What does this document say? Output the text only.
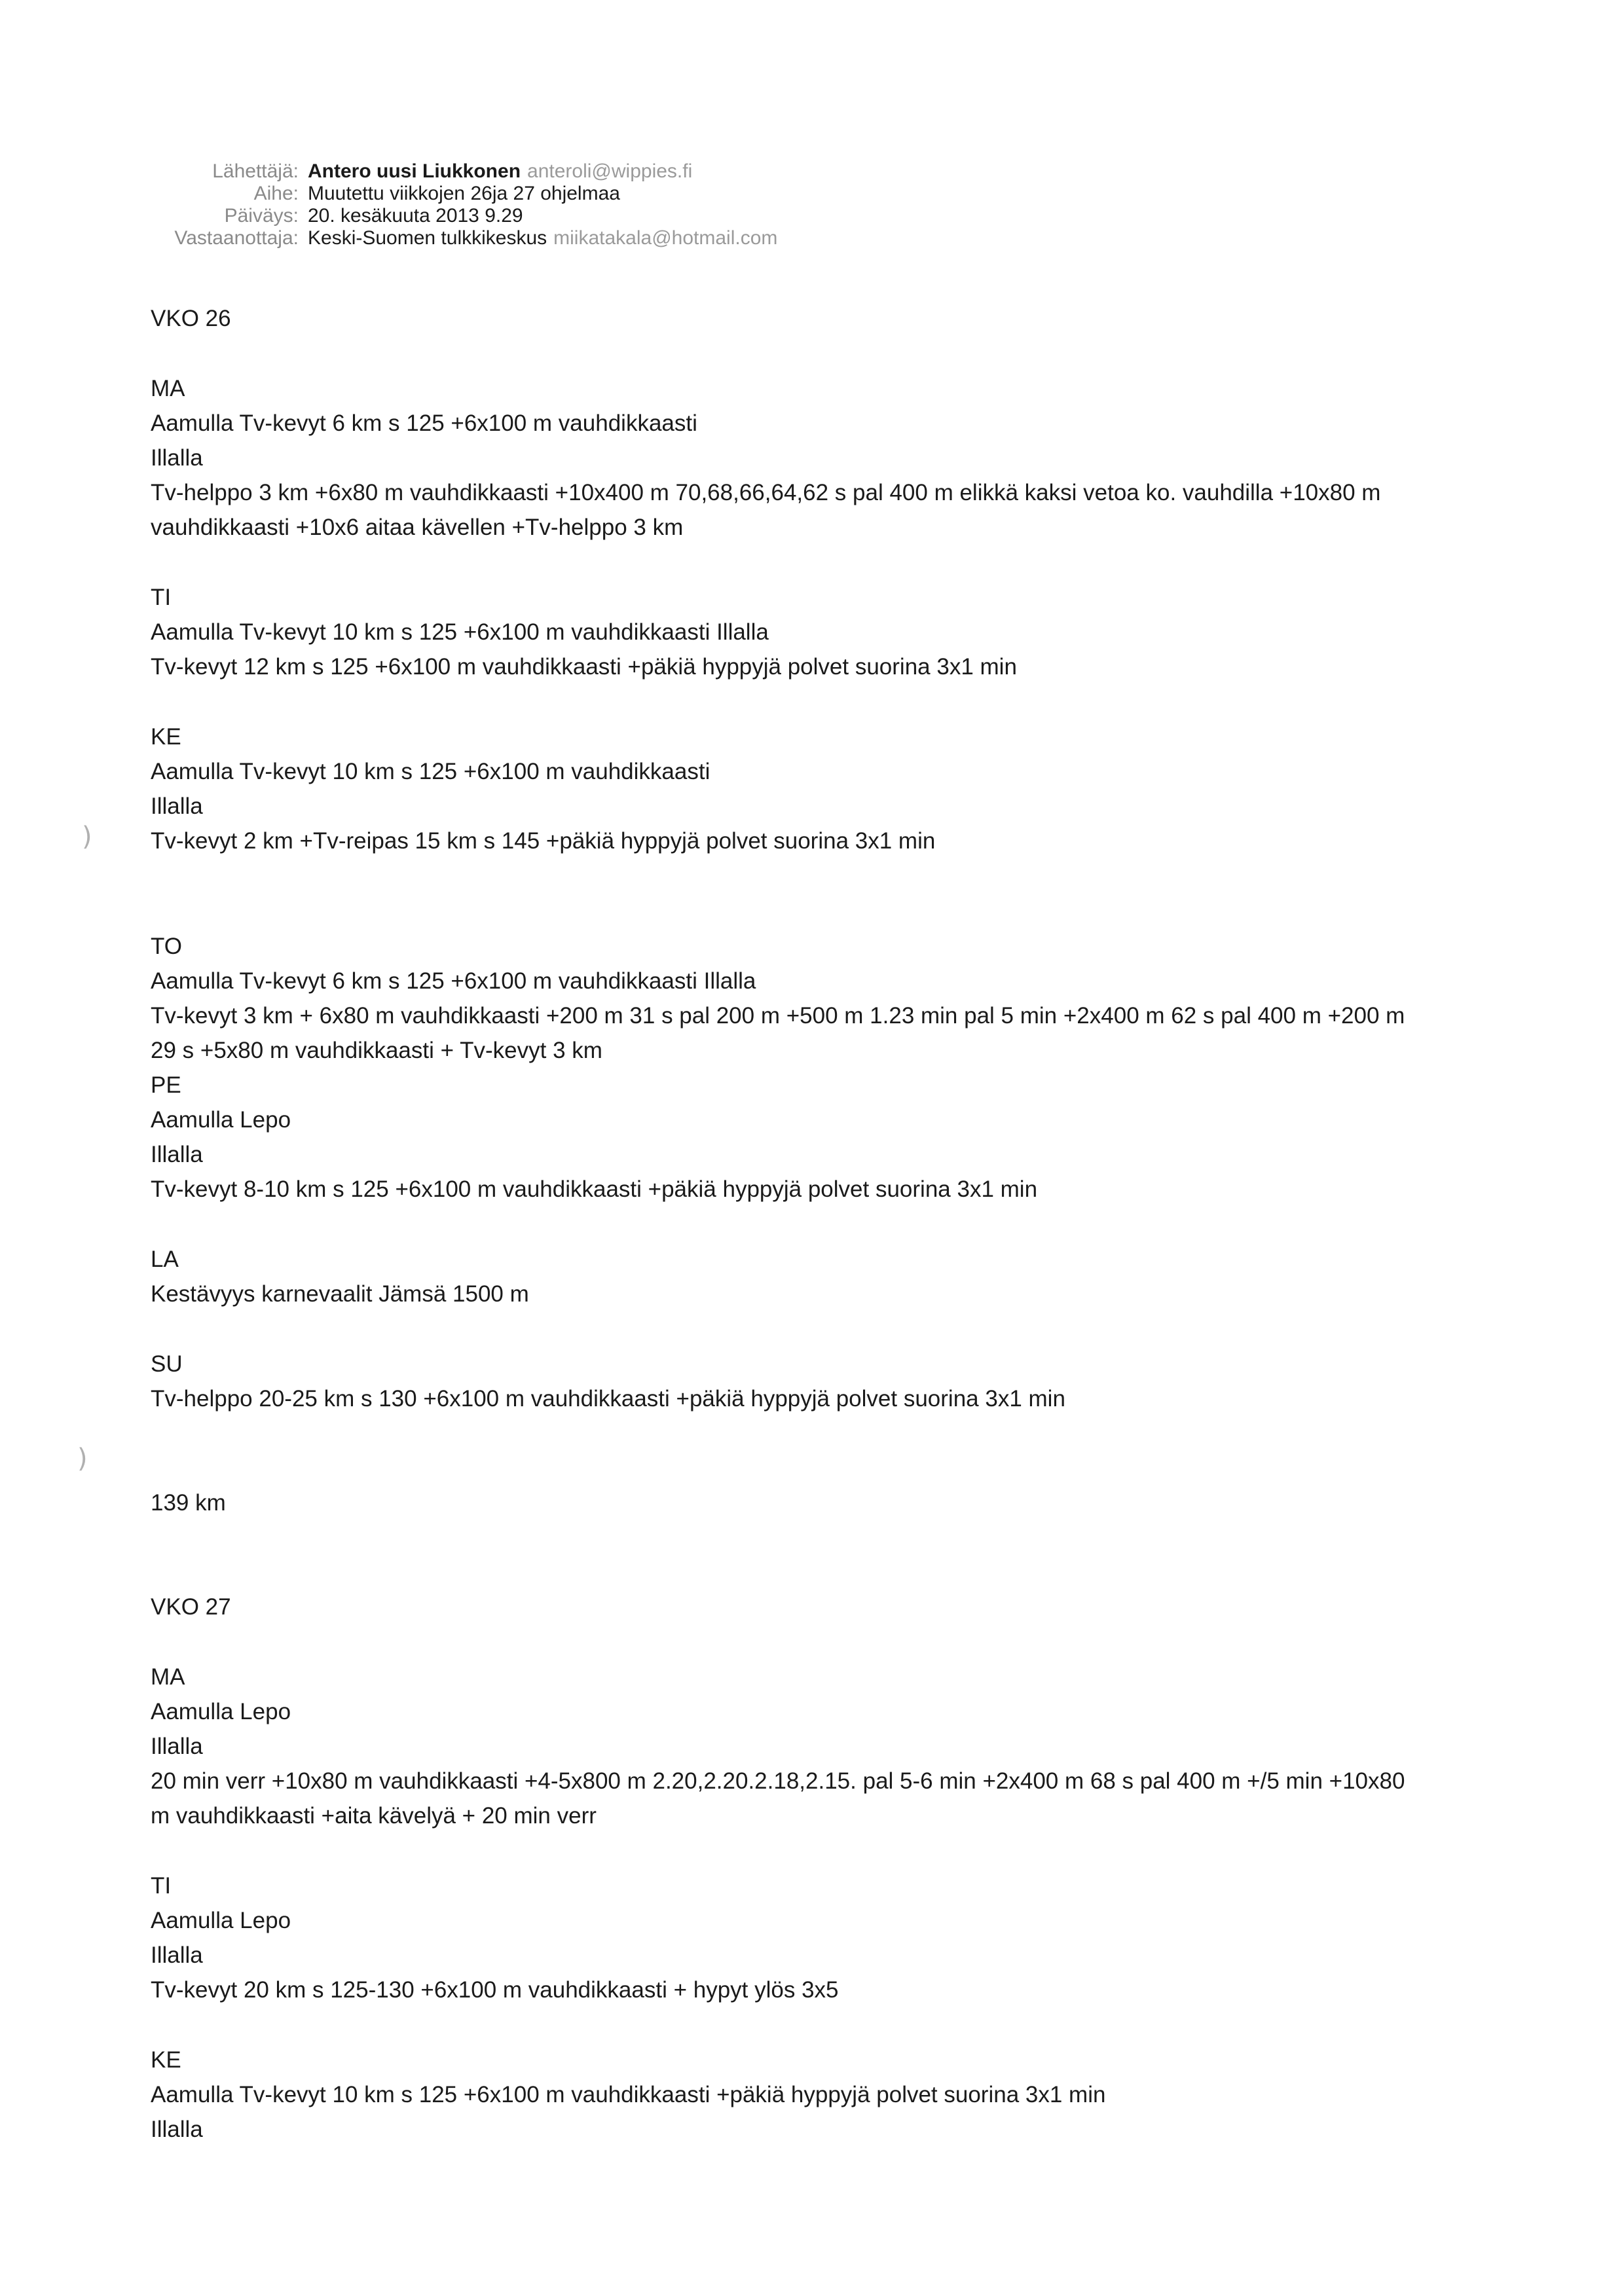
)
)
Lähettäjä: Antero uusi Liukkonen anteroli@wippies.fi
Aihe: Muutettu viikkojen 26ja 27 ohjelmaa
Päiväys: 20. kesäkuuta 2013 9.29
Vastaanottaja: Keski-Suomen tulkkikeskus miikatakala@hotmail.com
VKO 26
MA
Aamulla Tv-kevyt 6 km s 125 +6x100 m vauhdikkaasti
Illalla
Tv-helppo 3 km +6x80 m vauhdikkaasti +10x400 m 70,68,66,64,62 s pal 400 m elikkä kaksi vetoa ko. vauhdilla +10x80 m
vauhdikkaasti +10x6 aitaa kävellen +Tv-helppo 3 km
TI
Aamulla Tv-kevyt 10 km s 125 +6x100 m vauhdikkaasti Illalla
Tv-kevyt 12 km s 125 +6x100 m vauhdikkaasti +päkiä hyppyjä polvet suorina 3x1 min
KE
Aamulla Tv-kevyt 10 km s 125 +6x100 m vauhdikkaasti
Illalla
Tv-kevyt 2 km +Tv-reipas 15 km s 145 +päkiä hyppyjä polvet suorina 3x1 min
TO
Aamulla Tv-kevyt 6 km s 125 +6x100 m vauhdikkaasti Illalla
Tv-kevyt 3 km + 6x80 m vauhdikkaasti +200 m 31 s pal 200 m +500 m 1.23 min pal 5 min +2x400 m 62 s pal 400 m +200 m
29 s +5x80 m vauhdikkaasti + Tv-kevyt 3 km
PE
Aamulla Lepo
Illalla
Tv-kevyt 8-10 km s 125 +6x100 m vauhdikkaasti +päkiä hyppyjä polvet suorina 3x1 min
LA
Kestävyys karnevaalit Jämsä 1500 m
SU
Tv-helppo 20-25 km s 130 +6x100 m vauhdikkaasti +päkiä hyppyjä polvet suorina 3x1 min
139 km
VKO 27
MA
Aamulla Lepo
Illalla
20 min verr +10x80 m vauhdikkaasti +4-5x800 m 2.20,2.20.2.18,2.15. pal 5-6 min +2x400 m 68 s pal 400 m +/5 min +10x80
m vauhdikkaasti +aita kävelyä + 20 min verr
TI
Aamulla Lepo
Illalla
Tv-kevyt 20 km s 125-130 +6x100 m vauhdikkaasti + hypyt ylös 3x5
KE
Aamulla Tv-kevyt 10 km s 125 +6x100 m vauhdikkaasti +päkiä hyppyjä polvet suorina 3x1 min
Illalla
